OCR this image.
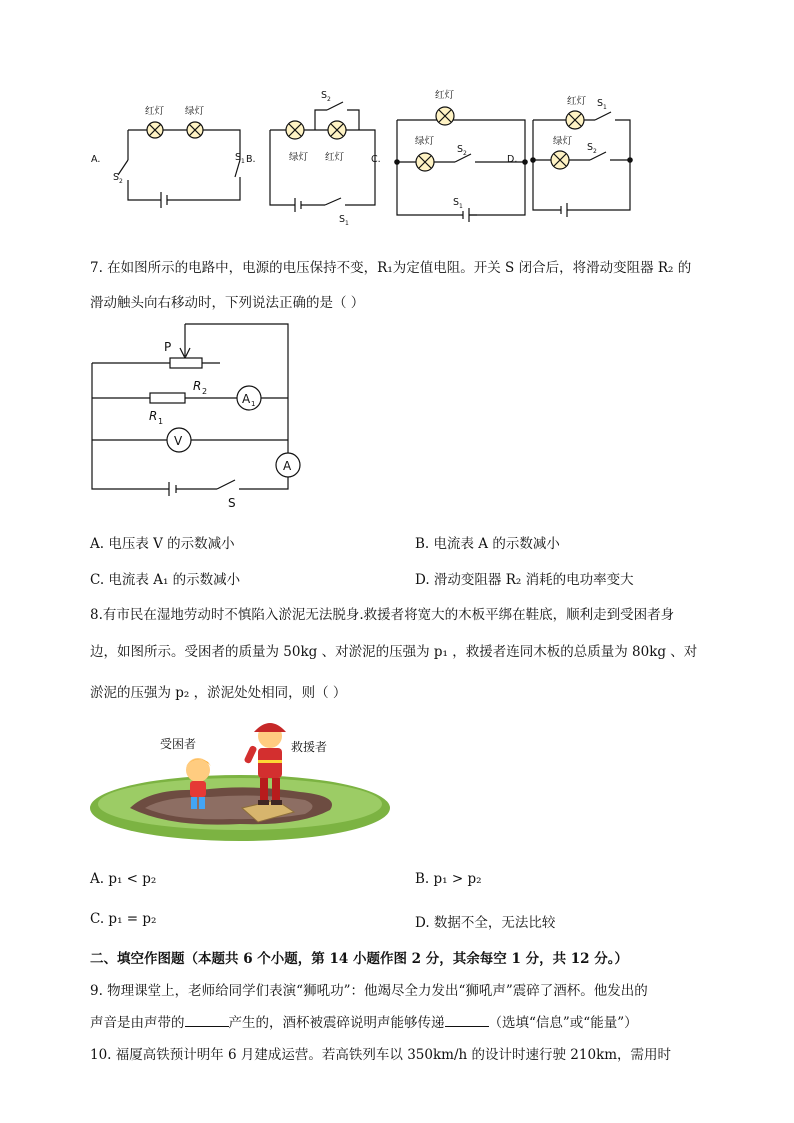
A.
红灯 绿灯
S 2
S 1 B.	绿灯 红灯
S 2
S 1
C.
红灯
绿灯
S 2
S 1
D.
红灯
绿灯
S 1
S 2
7. 在如图所示的电路中，电源的电压保持不变，R₁为定值电阻。开关 S 闭合后，将滑动变阻器 R₂ 的
滑动触头向右移动时，下列说法正确的是（ ）
P
R 2
R 1
A 1
V
A
S
A. 电压表 V 的示数减小	B. 电流表 A 的示数减小
C. 电流表 A₁ 的示数减小	D. 滑动变阻器 R₂ 消耗的电功率变大
8.有市民在湿地劳动时不慎陷入淤泥无法脱身.救援者将宽大的木板平绑在鞋底，顺利走到受困者身
边，如图所示。受困者的质量为 50kg 、对淤泥的压强为 p₁ ，救援者连同木板的总质量为 80kg 、对
淤泥的压强为 p₂ ，淤泥处处相同，则（ ）
受困者	救援者
A. p₁ < p₂	B. p₁ > p₂
C. p₁ = p₂	D. 数据不全，无法比较
二、填空作图题（本题共 6 个小题，第 14 小题作图 2 分，其余每空 1 分，共 12 分。）
9. 物理课堂上，老师给同学们表演“狮吼功”：他竭尽全力发出“狮吼声”震碎了酒杯。他发出的
声音是由声带的	产生的，酒杯被震碎说明声能够传递	（选填“信息”或“能量”）
10. 福厦高铁预计明年 6 月建成运营。若高铁列车以 350km/h 的设计时速行驶 210km，需用时
